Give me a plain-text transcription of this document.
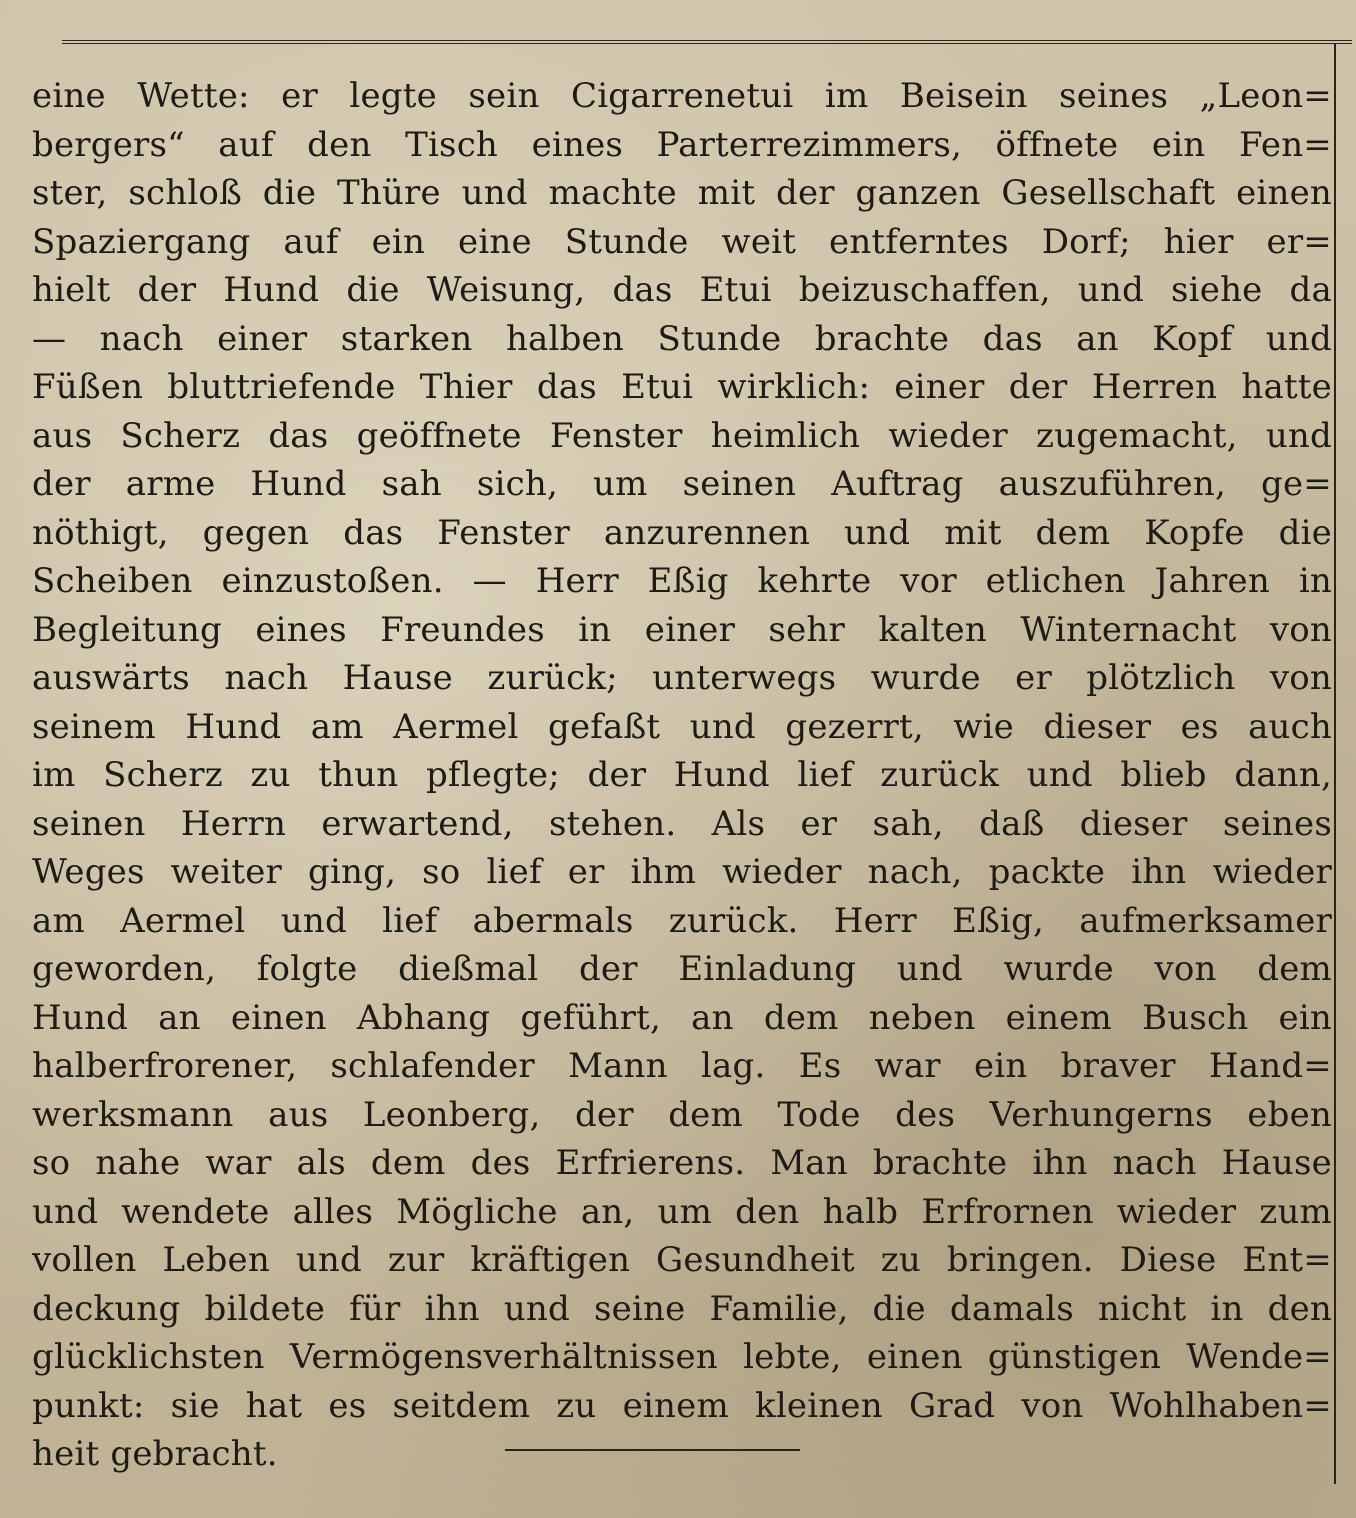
eine Wette: er legte sein Cigarrenetui im Beisein seines „Leon=
bergers“ auf den Tisch eines Parterrezimmers, öffnete ein Fen=
ster, schloß die Thüre und machte mit der ganzen Gesellschaft einen
Spaziergang auf ein eine Stunde weit entferntes Dorf; hier er=
hielt der Hund die Weisung, das Etui beizuschaffen, und siehe da
— nach einer starken halben Stunde brachte das an Kopf und
Füßen bluttriefende Thier das Etui wirklich: einer der Herren hatte
aus Scherz das geöffnete Fenster heimlich wieder zugemacht, und
der arme Hund sah sich, um seinen Auftrag auszuführen, ge=
nöthigt, gegen das Fenster anzurennen und mit dem Kopfe die
Scheiben einzustoßen. — Herr Eßig kehrte vor etlichen Jahren in
Begleitung eines Freundes in einer sehr kalten Winternacht von
auswärts nach Hause zurück; unterwegs wurde er plötzlich von
seinem Hund am Aermel gefaßt und gezerrt, wie dieser es auch
im Scherz zu thun pflegte; der Hund lief zurück und blieb dann,
seinen Herrn erwartend, stehen. Als er sah, daß dieser seines
Weges weiter ging, so lief er ihm wieder nach, packte ihn wieder
am Aermel und lief abermals zurück. Herr Eßig, aufmerksamer
geworden, folgte dießmal der Einladung und wurde von dem
Hund an einen Abhang geführt, an dem neben einem Busch ein
halberfrorener, schlafender Mann lag. Es war ein braver Hand=
werksmann aus Leonberg, der dem Tode des Verhungerns eben
so nahe war als dem des Erfrierens. Man brachte ihn nach Hause
und wendete alles Mögliche an, um den halb Erfrornen wieder zum
vollen Leben und zur kräftigen Gesundheit zu bringen. Diese Ent=
deckung bildete für ihn und seine Familie, die damals nicht in den
glücklichsten Vermögensverhältnissen lebte, einen günstigen Wende=
punkt: sie hat es seitdem zu einem kleinen Grad von Wohlhaben=
heit gebracht.
